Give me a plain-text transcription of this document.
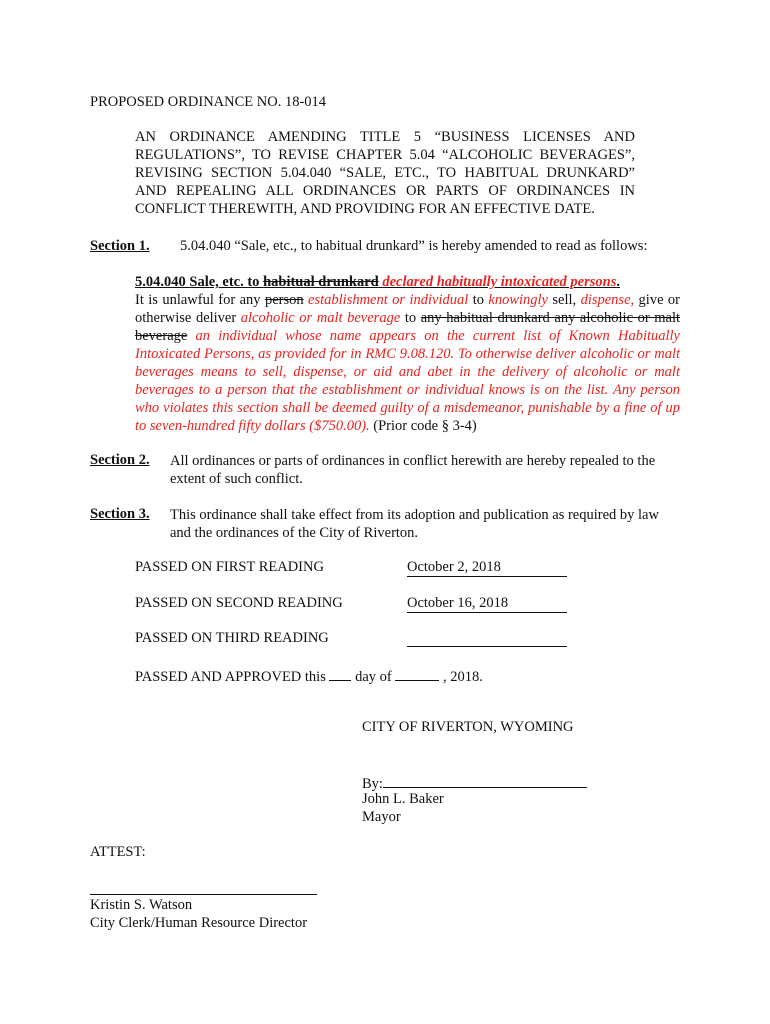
PROPOSED ORDINANCE NO. 18-014
AN ORDINANCE AMENDING TITLE 5 “BUSINESS LICENSES AND REGULATIONS”, TO REVISE CHAPTER 5.04 “ALCOHOLIC BEVERAGES”, REVISING SECTION 5.04.040 “SALE, ETC., TO HABITUAL DRUNKARD” AND REPEALING ALL ORDINANCES OR PARTS OF ORDINANCES IN CONFLICT THEREWITH, AND PROVIDING FOR AN EFFECTIVE DATE.
Section 1. 5.04.040 “Sale, etc., to habitual drunkard” is hereby amended to read as follows:
5.04.040 Sale, etc. to habitual drunkard declared habitually intoxicated persons.
It is unlawful for any person establishment or individual to knowingly sell, dispense, give or otherwise deliver alcoholic or malt beverage to any habitual drunkard any alcoholic or malt beverage an individual whose name appears on the current list of Known Habitually Intoxicated Persons, as provided for in RMC 9.08.120. To otherwise deliver alcoholic or malt beverages means to sell, dispense, or aid and abet in the delivery of alcoholic or malt beverages to a person that the establishment or individual knows is on the list. Any person who violates this section shall be deemed guilty of a misdemeanor, punishable by a fine of up to seven-hundred fifty dollars ($750.00). (Prior code § 3-4)
Section 2. All ordinances or parts of ordinances in conflict herewith are hereby repealed to the extent of such conflict.
Section 3. This ordinance shall take effect from its adoption and publication as required by law and the ordinances of the City of Riverton.
PASSED ON FIRST READING	October 2, 2018
PASSED ON SECOND READING	October 16, 2018
PASSED ON THIRD READING
PASSED AND APPROVED this day of	, 2018.
CITY OF RIVERTON, WYOMING
By:
John L. Baker
Mayor
ATTEST:
Kristin S. Watson
City Clerk/Human Resource Director
